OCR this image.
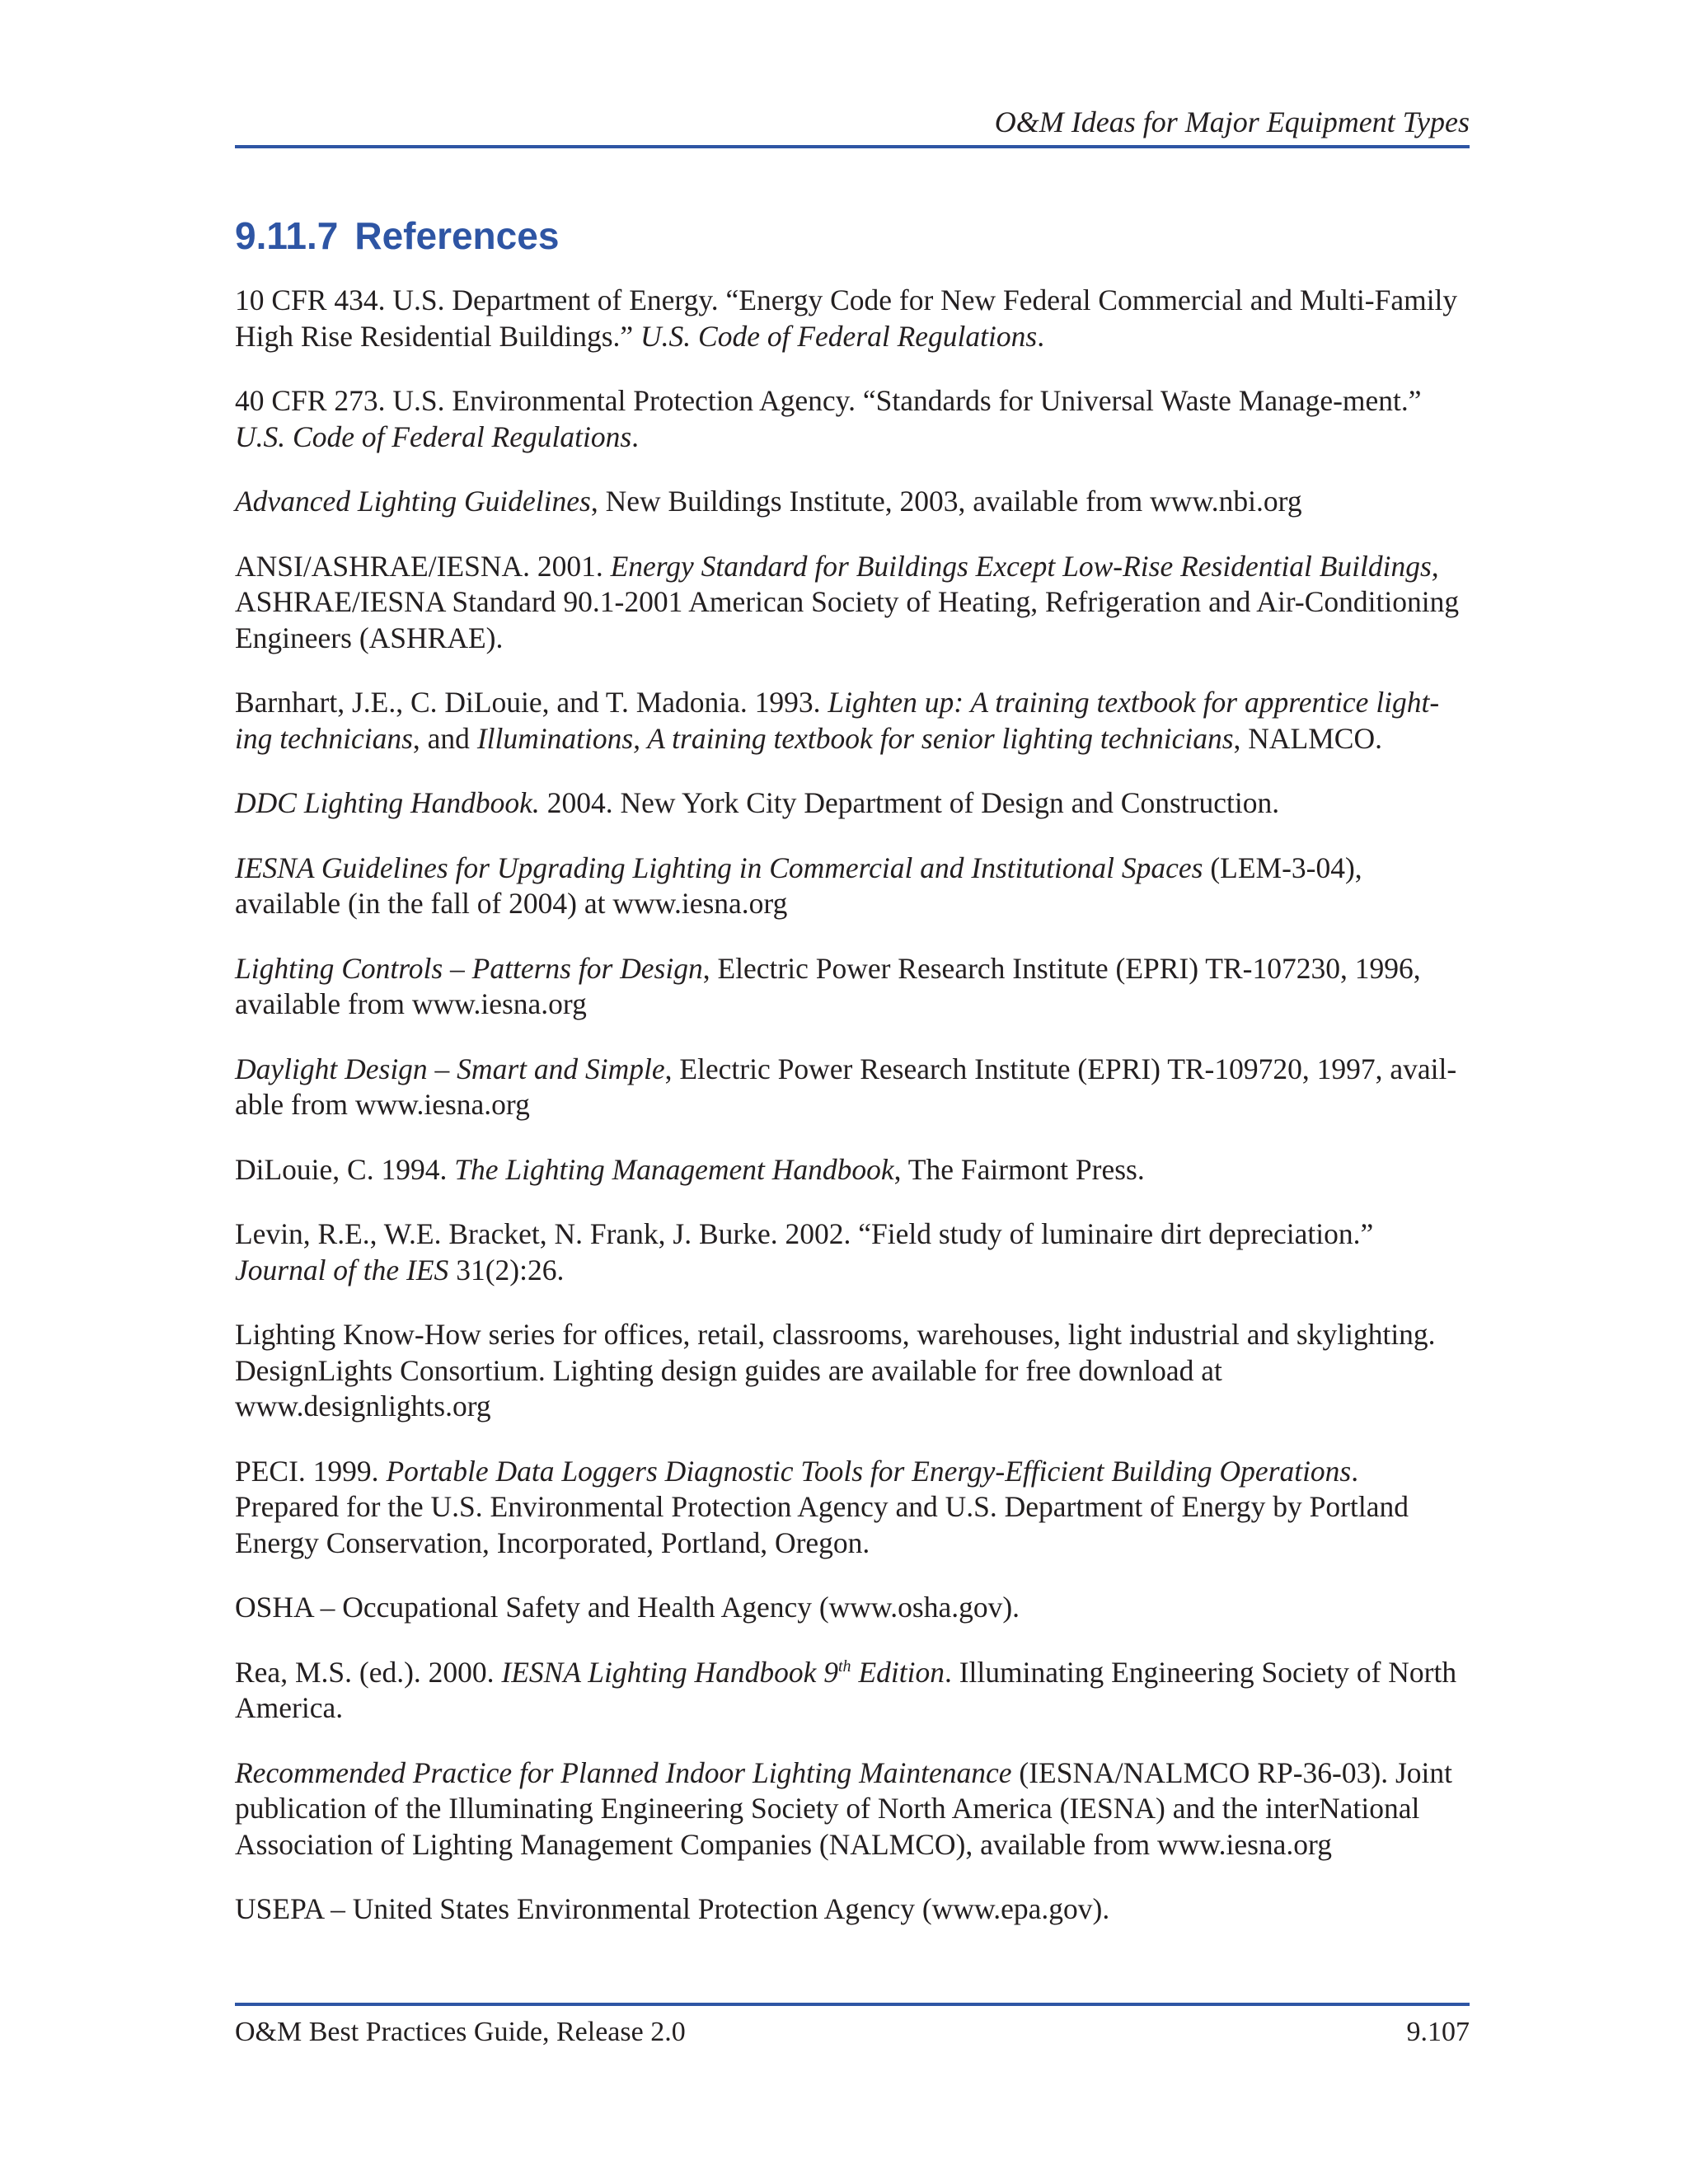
O&M Ideas for Major Equipment Types
9.11.7 References
10 CFR 434. U.S. Department of Energy. “Energy Code for New Federal Commercial and Multi-Family High Rise Residential Buildings.” U.S. Code of Federal Regulations.
40 CFR 273. U.S. Environmental Protection Agency. “Standards for Universal Waste Manage-ment.” U.S. Code of Federal Regulations.
Advanced Lighting Guidelines, New Buildings Institute, 2003, available from www.nbi.org
ANSI/ASHRAE/IESNA. 2001. Energy Standard for Buildings Except Low-Rise Residential Buildings, ASHRAE/IESNA Standard 90.1-2001 American Society of Heating, Refrigeration and Air-Conditioning Engineers (ASHRAE).
Barnhart, J.E., C. DiLouie, and T. Madonia. 1993. Lighten up: A training textbook for apprentice light-ing technicians, and Illuminations, A training textbook for senior lighting technicians, NALMCO.
DDC Lighting Handbook. 2004. New York City Department of Design and Construction.
IESNA Guidelines for Upgrading Lighting in Commercial and Institutional Spaces (LEM-3-04), available (in the fall of 2004) at www.iesna.org
Lighting Controls – Patterns for Design, Electric Power Research Institute (EPRI) TR-107230, 1996, available from www.iesna.org
Daylight Design – Smart and Simple, Electric Power Research Institute (EPRI) TR-109720, 1997, avail-able from www.iesna.org
DiLouie, C. 1994. The Lighting Management Handbook, The Fairmont Press.
Levin, R.E., W.E. Bracket, N. Frank, J. Burke. 2002. “Field study of luminaire dirt depreciation.” Journal of the IES 31(2):26.
Lighting Know-How series for offices, retail, classrooms, warehouses, light industrial and skylighting. DesignLights Consortium. Lighting design guides are available for free download at www.designlights.org
PECI. 1999. Portable Data Loggers Diagnostic Tools for Energy-Efficient Building Operations. Prepared for the U.S. Environmental Protection Agency and U.S. Department of Energy by Portland Energy Conservation, Incorporated, Portland, Oregon.
OSHA – Occupational Safety and Health Agency (www.osha.gov).
Rea, M.S. (ed.). 2000. IESNA Lighting Handbook 9th Edition. Illuminating Engineering Society of North America.
Recommended Practice for Planned Indoor Lighting Maintenance (IESNA/NALMCO RP-36-03). Joint publication of the Illuminating Engineering Society of North America (IESNA) and the interNational Association of Lighting Management Companies (NALMCO), available from www.iesna.org
USEPA – United States Environmental Protection Agency (www.epa.gov).
O&M Best Practices Guide, Release 2.0	9.107
